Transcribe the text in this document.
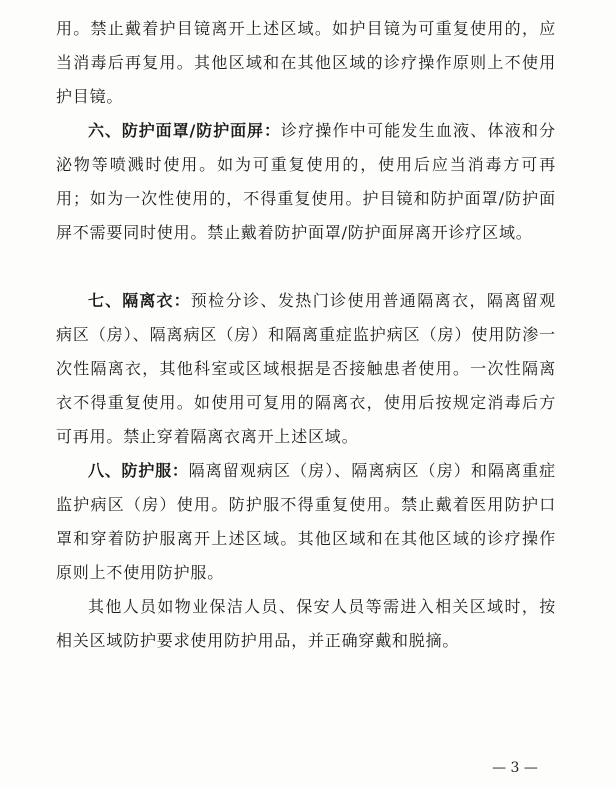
用。禁止戴着护目镜离开上述区域。如护目镜为可重复使用的，应当消毒后再复用。其他区域和在其他区域的诊疗操作原则上不使用护目镜。

六、防护面罩/防护面屏：诊疗操作中可能发生血液、体液和分泌物等喷溅时使用。如为可重复使用的，使用后应当消毒方可再用；如为一次性使用的，不得重复使用。护目镜和防护面罩/防护面屏不需要同时使用。禁止戴着防护面罩/防护面屏离开诊疗区域。

七、隔离衣：预检分诊、发热门诊使用普通隔离衣，隔离留观病区（房）、隔离病区（房）和隔离重症监护病区（房）使用防渗一次性隔离衣，其他科室或区域根据是否接触患者使用。一次性隔离衣不得重复使用。如使用可复用的隔离衣，使用后按规定消毒后方可再用。禁止穿着隔离衣离开上述区域。

八、防护服：隔离留观病区（房）、隔离病区（房）和隔离重症监护病区（房）使用。防护服不得重复使用。禁止戴着医用防护口罩和穿着防护服离开上述区域。其他区域和在其他区域的诊疗操作原则上不使用防护服。

其他人员如物业保洁人员、保安人员等需进入相关区域时，按相关区域防护要求使用防护用品，并正确穿戴和脱摘。

— 3 —
